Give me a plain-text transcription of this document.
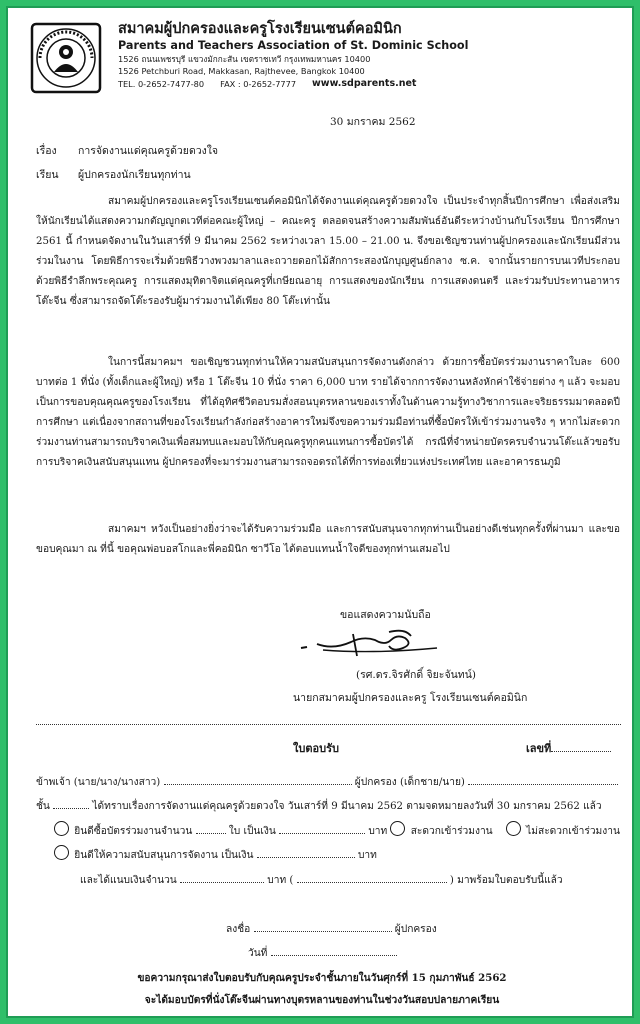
สมาคมผู้ปกครองและครูโรงเรียนเซนต์คอมินิก
Parents and Teachers Association of St. Dominic School
1526 ถนนเพชรบุรี แขวงมักกะสัน เขตราชเทวี กรุงเทพมหานคร 10400
1526 Petchburi Road, Makkasan, Rajthevee, Bangkok 10400
TEL. 0-2652-7477-80 FAX : 0-2652-7777 www.sdparents.net
30 มกราคม 2562
เรื่อง	การจัดงานแด่คุณครูด้วยดวงใจ
เรียน	ผู้ปกครองนักเรียนทุกท่าน

สมาคมผู้ปกครองและครูโรงเรียนเซนต์คอมินิกได้จัดงานแด่คุณครูด้วยดวงใจ เป็นประจำทุกสิ้นปีการศึกษา เพื่อส่งเสริมให้นักเรียนได้แสดงความกตัญญูกตเวทีต่อคณะผู้ใหญ่ – คณะครู ตลอดจนสร้างความสัมพันธ์อันดีระหว่างบ้านกับโรงเรียน ปีการศึกษา 2561 นี้ กำหนดจัดงานในวันเสาร์ที่ 9 มีนาคม 2562 ระหว่างเวลา 15.00 – 21.00 น. จึงขอเชิญชวนท่านผู้ปกครองและนักเรียนมีส่วนร่วมในงาน โดยพิธีการจะเริ่มด้วยพิธีวางพวงมาลาและถวายดอกไม้สักการะสองนักบุญศูนย์กลาง ซ.ค. จากนั้นรายการบนเวทีประกอบด้วยพิธีรำลึกพระคุณครู การแสดงมุทิตาจิตแด่คุณครูที่เกษียณอายุ การแสดงของนักเรียน การแสดงดนตรี และร่วมรับประทานอาหารโต๊ะจีน ซึ่งสามารถจัดโต๊ะรองรับผู้มาร่วมงานได้เพียง 80 โต๊ะเท่านั้น

ในการนี้สมาคมฯ ขอเชิญชวนทุกท่านให้ความสนับสนุนการจัดงานดังกล่าว ด้วยการซื้อบัตรร่วมงานราคาใบละ 600 บาทต่อ 1 ที่นั่ง (ทั้งเด็กและผู้ใหญ่) หรือ 1 โต๊ะจีน 10 ที่นั่ง ราคา 6,000 บาท รายได้จากการจัดงานหลังหักค่าใช้จ่ายต่าง ๆ แล้ว จะมอบเป็นการขอบคุณคุณครูของโรงเรียน ที่ได้อุทิศชีวิตอบรมสั่งสอนบุตรหลานของเราทั้งในด้านความรู้ทางวิชาการและจริยธรรมมาตลอดปีการศึกษา แต่เนื่องจากสถานที่ของโรงเรียนกำลังก่อสร้างอาคารใหม่จึงขอความร่วมมือท่านที่ซื้อบัตรให้เข้าร่วมงานจริง ๆ หากไม่สะดวกร่วมงานท่านสามารถบริจาคเงินเพื่อสมทบและมอบให้กับคุณครูทุกคนแทนการซื้อบัตรได้ กรณีที่จำหน่ายบัตรครบจำนวนโต๊ะแล้วขอรับการบริจาคเงินสนับสนุนแทน ผู้ปกครองที่จะมาร่วมงานสามารถจอดรถได้ที่การท่องเที่ยวแห่งประเทศไทย และอาคารธนภูมิ

สมาคมฯ หวังเป็นอย่างยิ่งว่าจะได้รับความร่วมมือ และการสนับสนุนจากทุกท่านเป็นอย่างดีเช่นทุกครั้งที่ผ่านมา และขอขอบคุณมา ณ ที่นี้ ขอคุณพ่อบอสโกและพี่คอมินิก ซาวีโอ ได้ตอบแทนน้ำใจดีของทุกท่านเสมอไป

ขอแสดงความนับถือ
(รศ.ดร.จิรศักดิ์ จิยะจันทน์)
นายกสมาคมผู้ปกครองและครู โรงเรียนเซนต์คอมินิก
ใบตอบรับ	เลขที่
ข้าพเจ้า (นาย/นาง/นางสาว)	ผู้ปกครอง (เด็กชาย/นาย)
ชั้น	ได้ทราบเรื่องการจัดงานแด่คุณครูด้วยดวงใจ วันเสาร์ที่ 9 มีนาคม 2562 ตามจดหมายลงวันที่ 30 มกราคม 2562 แล้ว
ยินดีซื้อบัตรร่วมงานจำนวน	ใบ เป็นเงิน	บาท สะดวกเข้าร่วมงาน	ไม่สะดวกเข้าร่วมงาน
ยินดีให้ความสนับสนุนการจัดงาน เป็นเงิน	บาท
และได้แนบเงินจำนวน	บาท (	) มาพร้อมใบตอบรับนี้แล้ว
ลงชื่อ	ผู้ปกครอง
วันที่
ขอความกรุณาส่งใบตอบรับกับคุณครูประจำชั้นภายในวันศุกร์ที่ 15 กุมภาพันธ์ 2562
จะได้มอบบัตรที่นั่งโต๊ะจีนผ่านทางบุตรหลานของท่านในช่วงวันสอบปลายภาคเรียน
